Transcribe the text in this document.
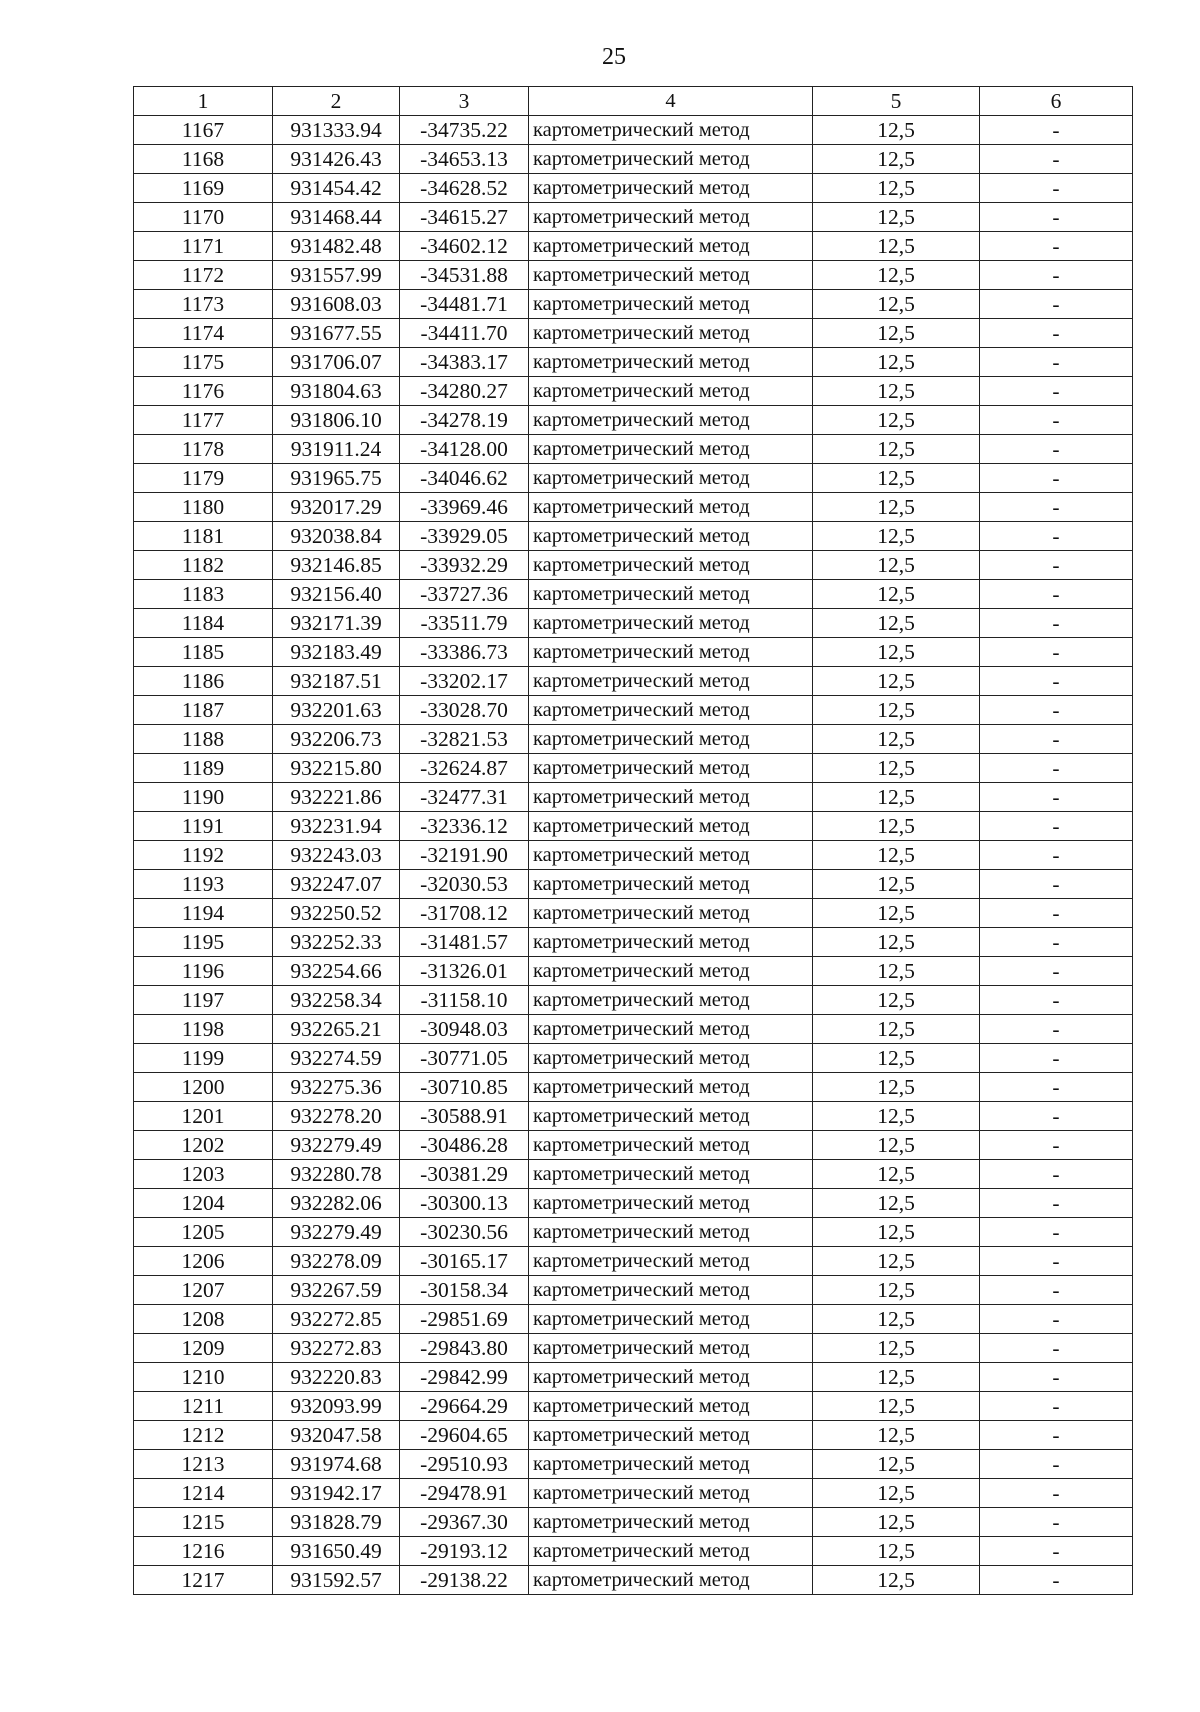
25
1	2	3	4	5	6
1167	931333.94	-34735.22	картометрический метод	12,5	-
1168	931426.43	-34653.13	картометрический метод	12,5	-
1169	931454.42	-34628.52	картометрический метод	12,5	-
1170	931468.44	-34615.27	картометрический метод	12,5	-
1171	931482.48	-34602.12	картометрический метод	12,5	-
1172	931557.99	-34531.88	картометрический метод	12,5	-
1173	931608.03	-34481.71	картометрический метод	12,5	-
1174	931677.55	-34411.70	картометрический метод	12,5	-
1175	931706.07	-34383.17	картометрический метод	12,5	-
1176	931804.63	-34280.27	картометрический метод	12,5	-
1177	931806.10	-34278.19	картометрический метод	12,5	-
1178	931911.24	-34128.00	картометрический метод	12,5	-
1179	931965.75	-34046.62	картометрический метод	12,5	-
1180	932017.29	-33969.46	картометрический метод	12,5	-
1181	932038.84	-33929.05	картометрический метод	12,5	-
1182	932146.85	-33932.29	картометрический метод	12,5	-
1183	932156.40	-33727.36	картометрический метод	12,5	-
1184	932171.39	-33511.79	картометрический метод	12,5	-
1185	932183.49	-33386.73	картометрический метод	12,5	-
1186	932187.51	-33202.17	картометрический метод	12,5	-
1187	932201.63	-33028.70	картометрический метод	12,5	-
1188	932206.73	-32821.53	картометрический метод	12,5	-
1189	932215.80	-32624.87	картометрический метод	12,5	-
1190	932221.86	-32477.31	картометрический метод	12,5	-
1191	932231.94	-32336.12	картометрический метод	12,5	-
1192	932243.03	-32191.90	картометрический метод	12,5	-
1193	932247.07	-32030.53	картометрический метод	12,5	-
1194	932250.52	-31708.12	картометрический метод	12,5	-
1195	932252.33	-31481.57	картометрический метод	12,5	-
1196	932254.66	-31326.01	картометрический метод	12,5	-
1197	932258.34	-31158.10	картометрический метод	12,5	-
1198	932265.21	-30948.03	картометрический метод	12,5	-
1199	932274.59	-30771.05	картометрический метод	12,5	-
1200	932275.36	-30710.85	картометрический метод	12,5	-
1201	932278.20	-30588.91	картометрический метод	12,5	-
1202	932279.49	-30486.28	картометрический метод	12,5	-
1203	932280.78	-30381.29	картометрический метод	12,5	-
1204	932282.06	-30300.13	картометрический метод	12,5	-
1205	932279.49	-30230.56	картометрический метод	12,5	-
1206	932278.09	-30165.17	картометрический метод	12,5	-
1207	932267.59	-30158.34	картометрический метод	12,5	-
1208	932272.85	-29851.69	картометрический метод	12,5	-
1209	932272.83	-29843.80	картометрический метод	12,5	-
1210	932220.83	-29842.99	картометрический метод	12,5	-
1211	932093.99	-29664.29	картометрический метод	12,5	-
1212	932047.58	-29604.65	картометрический метод	12,5	-
1213	931974.68	-29510.93	картометрический метод	12,5	-
1214	931942.17	-29478.91	картометрический метод	12,5	-
1215	931828.79	-29367.30	картометрический метод	12,5	-
1216	931650.49	-29193.12	картометрический метод	12,5	-
1217	931592.57	-29138.22	картометрический метод	12,5	-
